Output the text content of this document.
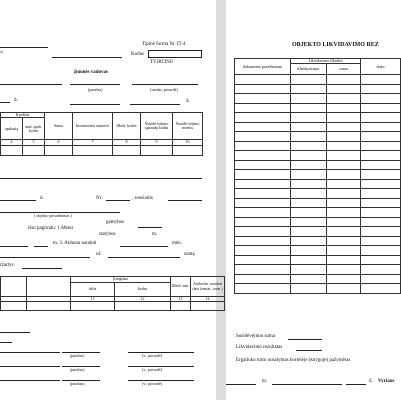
s)
Tipinė forma Nr. IT-4
Kodas
TVIRTINU
Įmonės vadovas
(parašas)	(vardas, pavardė)
d.	d.
Kreditas		Suma	Inventorinis numeris	Išleid. kodas	Nusidė-vėjimo sąnaudų kodas	Nusidė-vėjimo normis
apskaitą	anal. apsk. kodas					
4	5	6	7	8	9	10

d.	Nr.	, sensiaitis
( objekto pavadinimas )
gamybos
išso pagrindu: 1.Metai
statybos	m.
m. 3. Atduota naudoti	mėn.
už	sumą
ržartys
		Įrenginas		Išleid. met.	Atidavim. naudoti data (metai., mėn.)
		rūšis	kodas		
		11	12	13	14

(parašas)	(v., pavardė)
(parašas)	(v., pavardė)
(parašas)	(v., pavardė)
OBJEKTO LIKVIDAVIMO REZ
dokumento pavadinimas	Likvidavimo išlaidos		doku
	išlaidų straips.	suma	

Susidėvėjimo suma
Likvidavimo rezultatas
Ergaliuko turto nusalymas kortelėje (knygoje) pažymėtas
m.	d. Vyriaus
